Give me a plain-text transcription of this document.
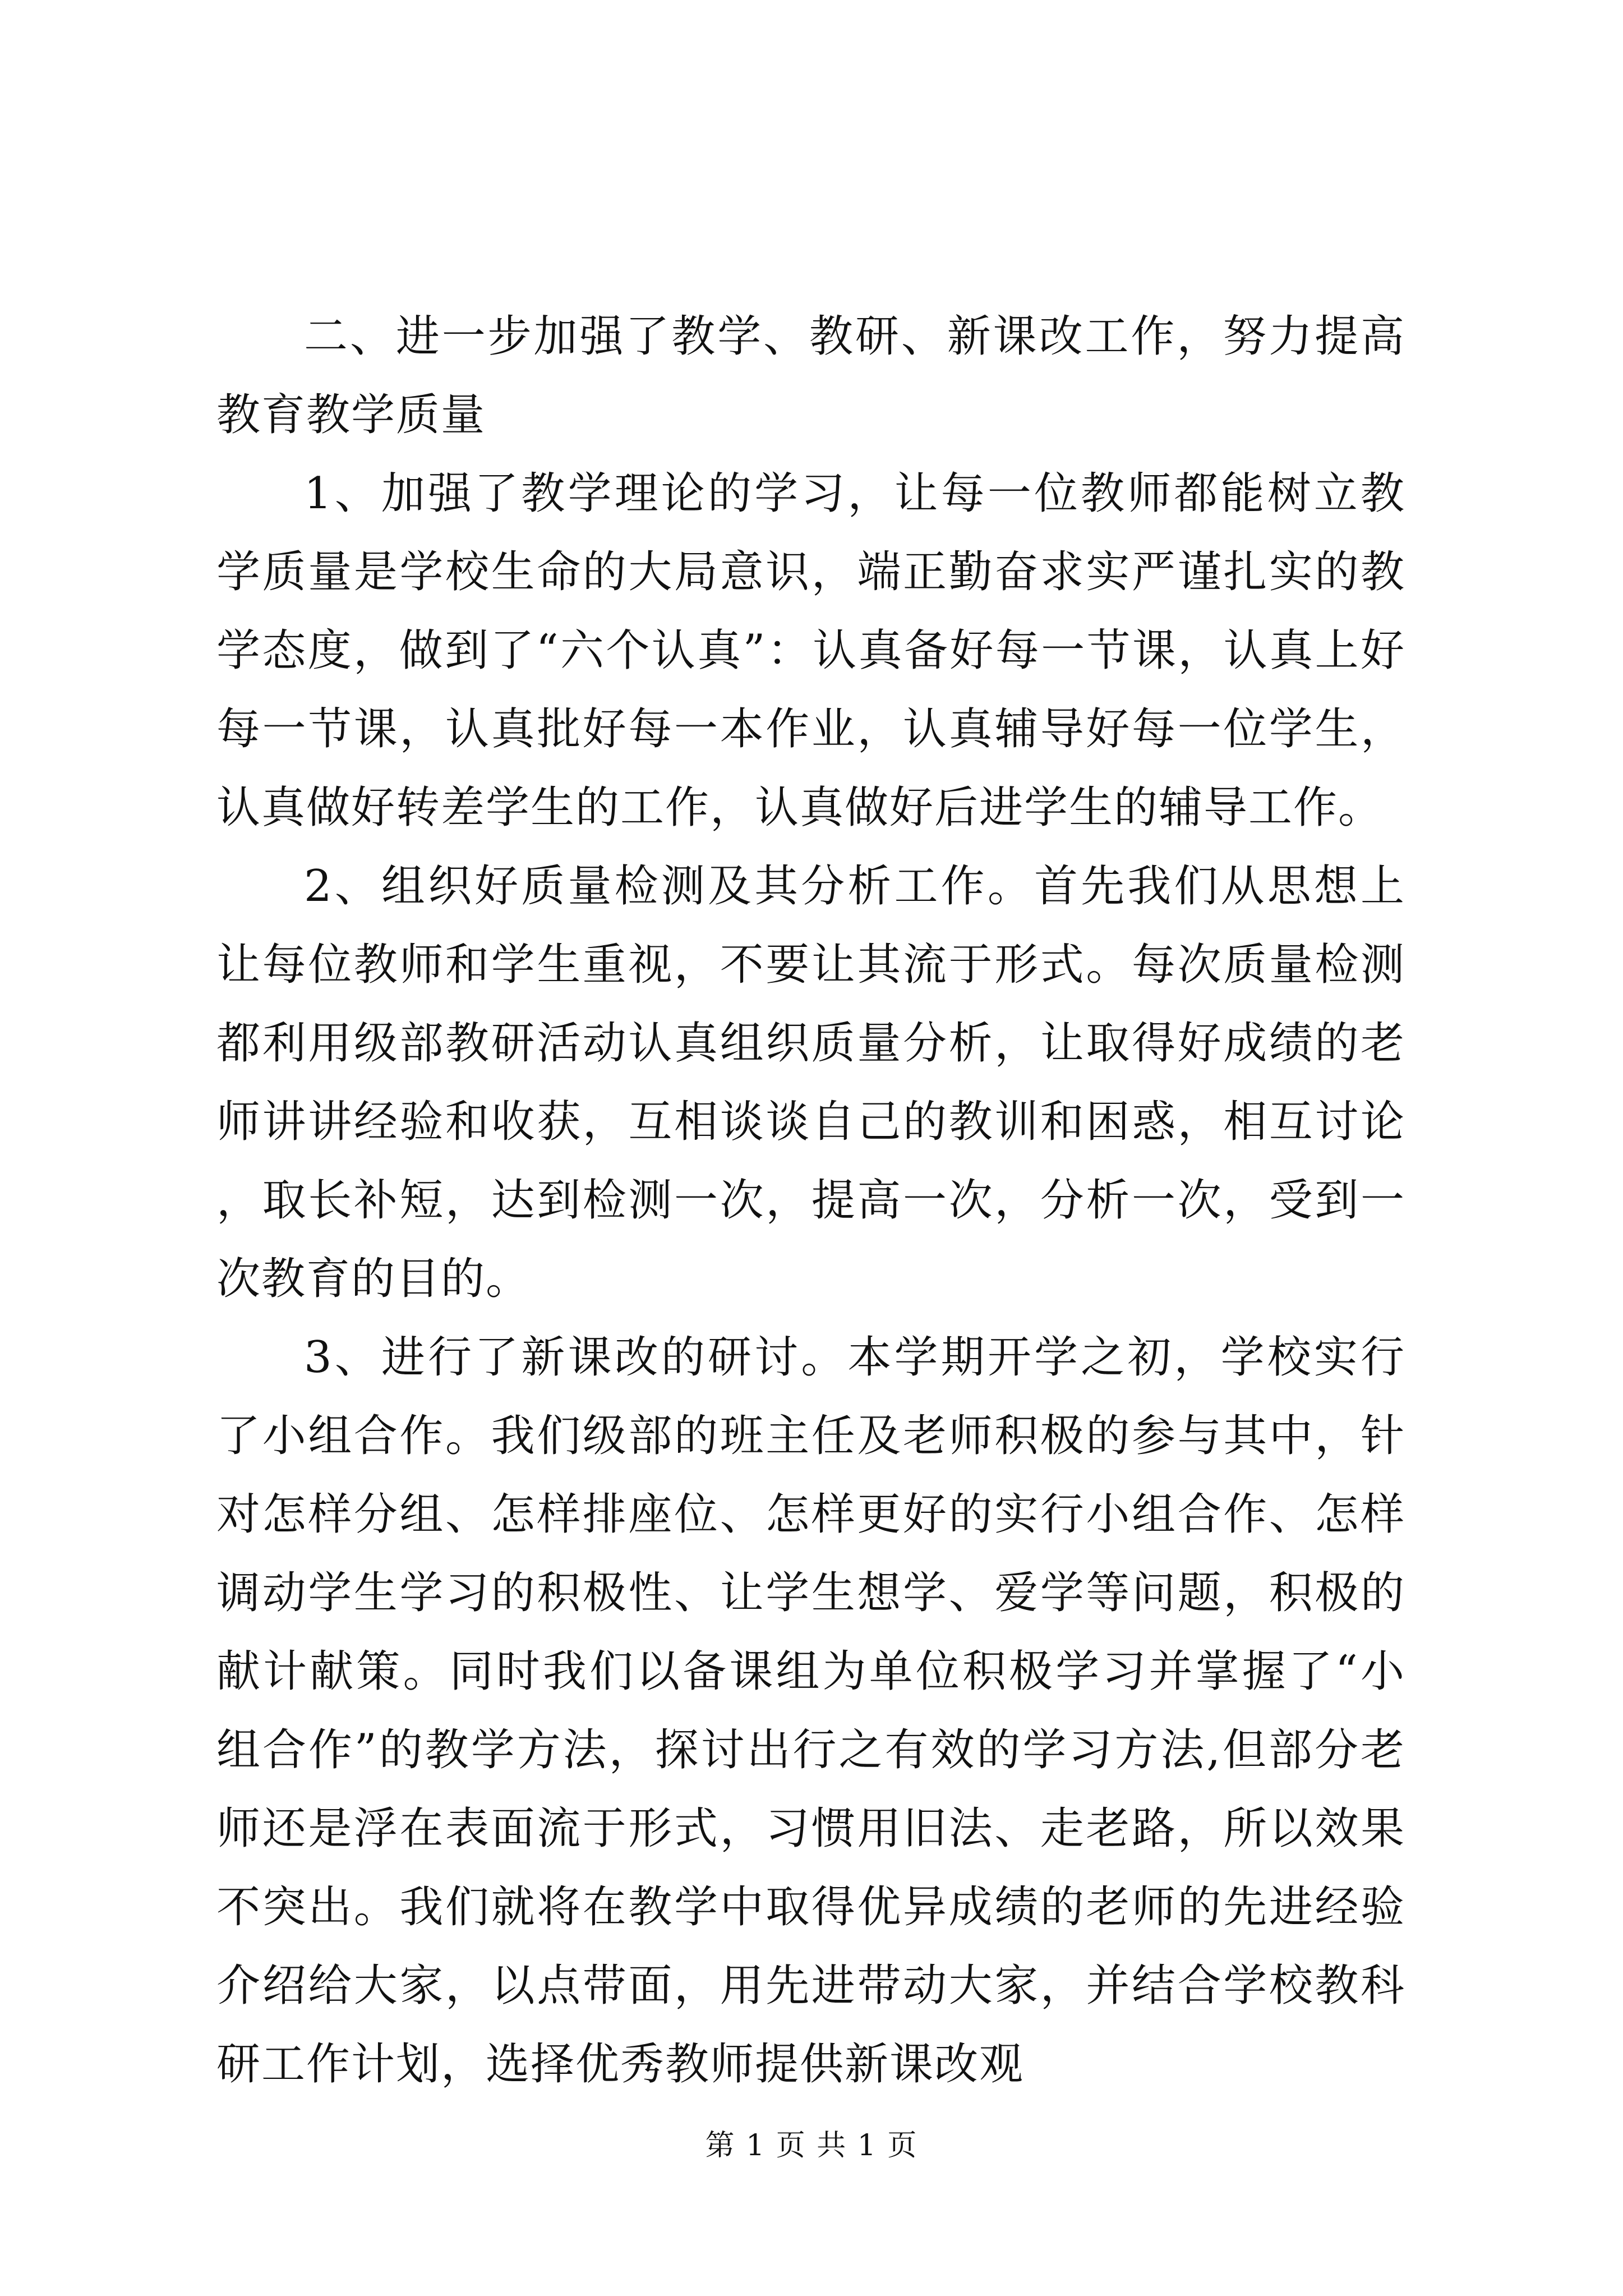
二、进一步加强了教学、教研、新课改工作，努力提高教育教学质量

1、加强了教学理论的学习，让每一位教师都能树立教学质量是学校生命的大局意识，端正勤奋求实严谨扎实的教学态度，做到了“六个认真”：认真备好每一节课，认真上好每一节课，认真批好每一本作业，认真辅导好每一位学生，认真做好转差学生的工作，认真做好后进学生的辅导工作。

2、组织好质量检测及其分析工作。首先我们从思想上让每位教师和学生重视，不要让其流于形式。每次质量检测都利用级部教研活动认真组织质量分析，让取得好成绩的老师讲讲经验和收获，互相谈谈自己的教训和困惑，相互讨论，取长补短，达到检测一次，提高一次，分析一次，受到一次教育的目的。

3、进行了新课改的研讨。本学期开学之初，学校实行了小组合作。我们级部的班主任及老师积极的参与其中，针对怎样分组、怎样排座位、怎样更好的实行小组合作、怎样调动学生学习的积极性、让学生想学、爱学等问题，积极的献计献策。同时我们以备课组为单位积极学习并掌握了“小组合作”的教学方法，探讨出行之有效的学习方法,但部分老师还是浮在表面流于形式，习惯用旧法、走老路，所以效果不突出。我们就将在教学中取得优异成绩的老师的先进经验介绍给大家，以点带面，用先进带动大家，并结合学校教科研工作计划，选择优秀教师提供新课改观

第 1 页 共 1 页
